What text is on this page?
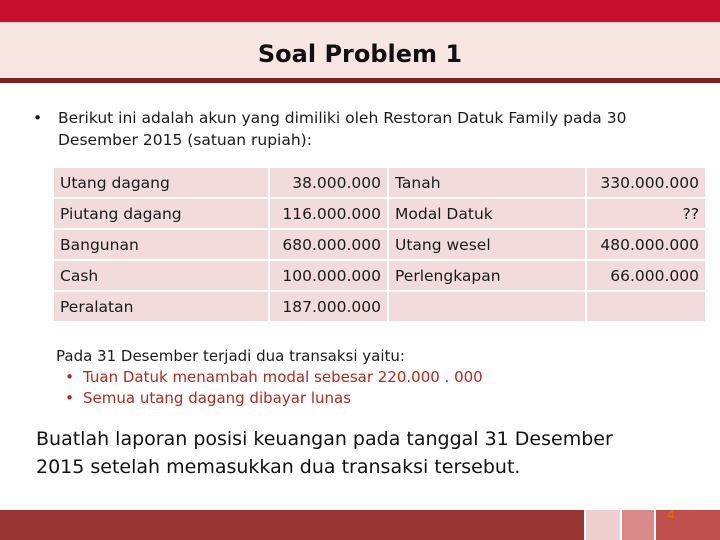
Soal Problem 1
•	Berikut ini adalah akun yang dimiliki oleh Restoran Datuk Family pada 30
Desember 2015 (satuan rupiah):
Utang dagang	38.000.000	Tanah	330.000.000
Piutang dagang	116.000.000	Modal Datuk	??
Bangunan	680.000.000	Utang wesel	480.000.000
Cash	100.000.000	Perlengkapan	66.000.000
Peralatan	187.000.000		
Pada 31 Desember terjadi dua transaksi yaitu:
• Tuan Datuk menambah modal sebesar 220.000 . 000
• Semua utang dagang dibayar lunas
Buatlah laporan posisi keuangan pada tanggal 31 Desember
2015 setelah memasukkan dua transaksi tersebut.
4
